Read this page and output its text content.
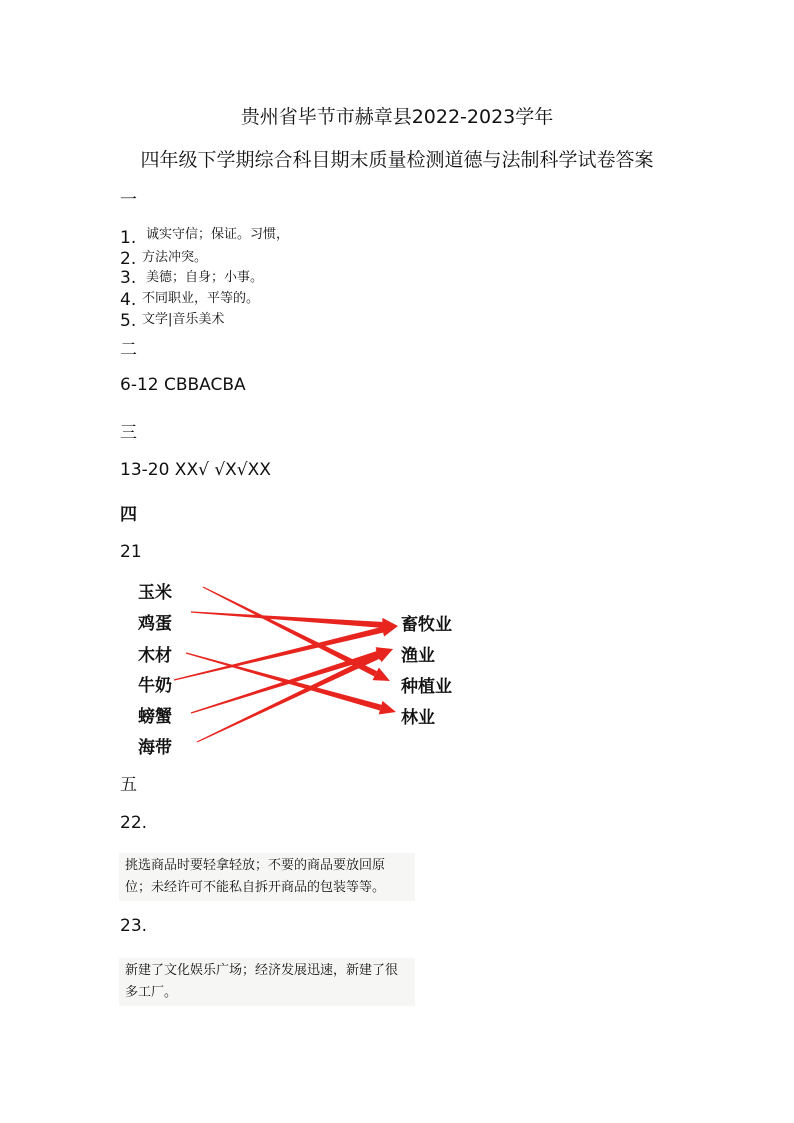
贵州省毕节市赫章县2022-2023学年
四年级下学期综合科目期末质量检测道德与法制科学试卷答案
一
1. 诚实守信；保证。习惯，
2. 方法冲突。
3. 美德；自身；小事。
4. 不同职业，平等的。
5. 文学|音乐美术
二
6-12 CBBACBA
三
13-20 XX√ √X√XX
四
21
玉米
鸡蛋
木材
牛奶
螃蟹
海带
畜牧业
渔业
种植业
林业
五
22.
挑选商品时要轻拿轻放；不要的商品要放回原位；未经许可不能私自拆开商品的包装等等。
23.
新建了文化娱乐广场；经济发展迅速，新建了很多工厂。
